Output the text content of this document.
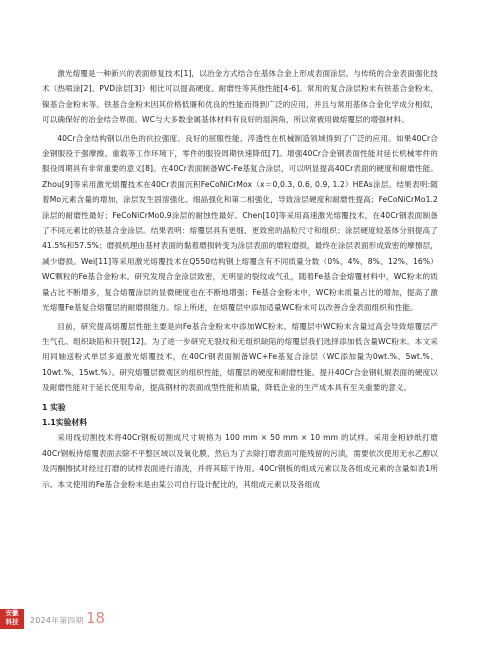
激光熔覆是一种新兴的表面修复技术[1]，以冶金方式结合在基体合金上形成表面涂层。与传统的合金表面强化技术（热喷涂[2]、PVD涂层[3]）相比可以提高硬度、耐磨性等其他性能[4-6]。常用的复合涂层粉末有铁基合金粉末、镍基合金粉末等。铁基合金粉末因其价格低廉和优良的性能而得到广泛的应用，并且与常用基体合金化学成分相似，可以确保好的冶金结合界面。WC与大多数金属基体材料有良好的湿润角，所以常被用做熔覆层的增强材料。

40Cr合金结构钢以出色的抗拉强度、良好的屈服性能、淬透性在机械制造领域得到了广泛的应用。如果40Cr合金钢服役于强摩擦、重载等工作环境下，零件的服役周期快速降低[7]。增强40Cr合金钢表面性能对延长机械零件的服役周期具有非常重要的意义[8]。在40Cr表面制备WC-Fe基复合涂层，可以明显提高40Cr表面的硬度和耐磨性能。Zhou[9]等采用激光熔覆技术在40Cr表面沉积FeCoNiCrMox（x＝0,0.3, 0.6, 0.9, 1.2）HEAs涂层。结果表明:随着Mo元素含量的增加，涂层发生固溶强化、细晶强化和第二相强化，导致涂层硬度和耐磨性提高；FeCoNiCrMo1.2涂层的耐磨性最好；FeCoNiCrMo0.9涂层的耐蚀性最好。Chen[10]等采用高速激光熔覆技术，在40Cr钢表面制备了不同元素比的铁基合金涂层。结果表明：熔覆层具有更细、更致密的晶粒尺寸和组织；涂层硬度较基体分别提高了41.5%和57.5%；磨损机理由基材表面的黏着磨损转变为涂层表面的磨粒磨损，最终在涂层表面形成致密的摩擦层，减少磨损。Wei[11]等采用激光熔覆技术在Q550结构钢上熔覆含有不同质量分数（0%、4%、8%、12%、16%）WC颗粒的Fe基合金粉末。研究发现合金涂层致密，无明显的裂纹或气孔，随着Fe基合金熔覆材料中，WC粉末的质量占比不断增多，复合熔覆涂层的显微硬度也在不断地增强；Fe基合金粉末中，WC粉末质量占比的增加，提高了激光熔覆Fe基复合熔覆层的耐磨损能力。综上所述，在熔覆层中添加适量WC粉末可以改善合金表面组织和性能。

目前，研究提高熔覆层性能主要是向Fe基合金粉末中添加WC粉末。熔覆层中WC粉末含量过高会导致熔覆层产生气孔、组织缺陷和开裂[12]。为了进一步研究无裂纹和无组织缺陷的熔覆层我们选择添加低含量WC粉末。本文采用同轴送粉式单层多道激光熔覆技术，在40Cr钢表面制备WC+Fe基复合涂层（WC添加量为0wt.%、5wt.%、10wt.%、15wt.%）。研究熔覆层微观区的组织性能，熔覆层的硬度和耐磨性能。提升40Cr合金钢轧辊表面的硬度以及耐磨性能对于延长使用寿命，提高钢材的表面成型性能和质量，降低企业的生产成本具有至关重要的意义。

1 实验
1.1实验材料

采用线切割技术将40Cr钢板切割成尺寸规格为 100 mm × 50 mm × 10 mm 的试样。采用金相砂纸打磨40Cr钢板待熔覆表面去除不平整区域以及氧化膜，然后为了去除打磨表面可能残留的污渍，需要依次使用无水乙醇以及丙酮擦拭对经过打磨的试样表面进行清洗，并将其晾干待用。40Cr钢板的组成元素以及各组成元素的含量如表1所示。本文使用的Fe基合金粉末是由某公司自行设计配比的，其组成元素以及各组成

安徽
科技	2024年第四期 18
